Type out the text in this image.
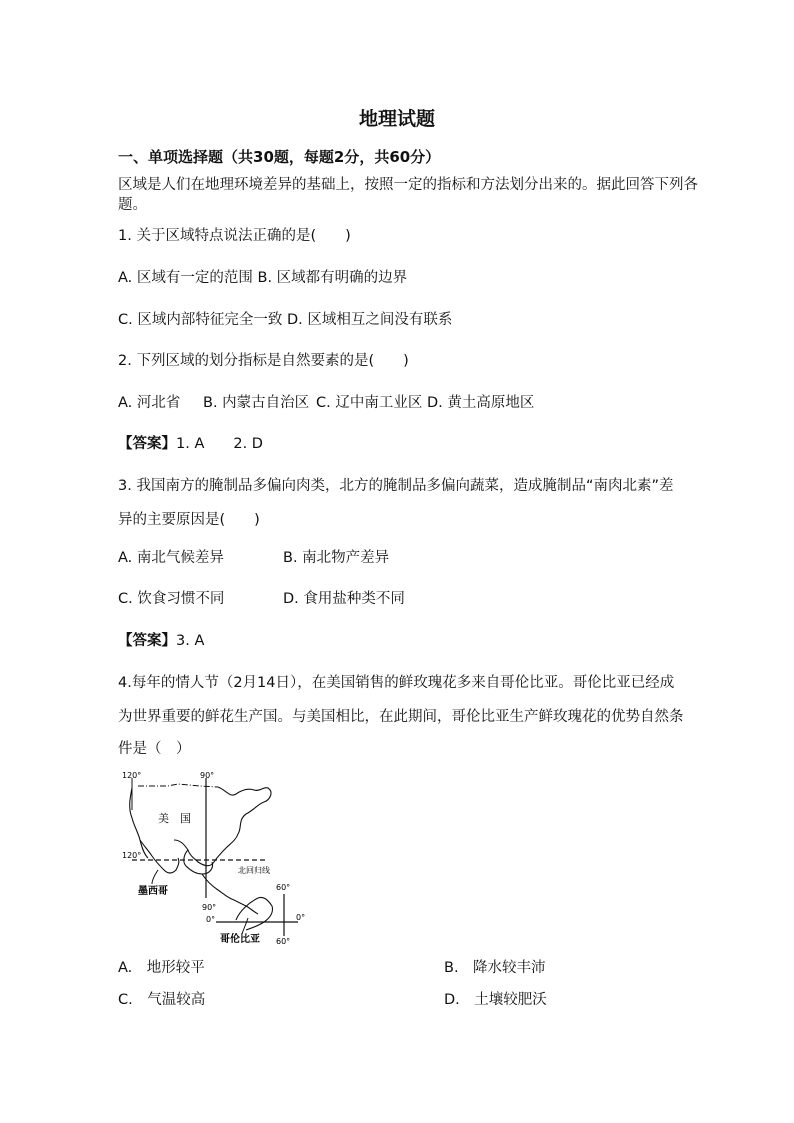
地理试题
一、单项选择题（共30题，每题2分，共60分）
区域是人们在地理环境差异的基础上，按照一定的指标和方法划分出来的。据此回答下列各
题。
1. 关于区域特点说法正确的是(　　)
A. 区域有一定的范围 B. 区域都有明确的边界
C. 区域内部特征完全一致 D. 区域相互之间没有联系
2. 下列区域的划分指标是自然要素的是(　　)
A. 河北省 B. 内蒙古自治区 C. 辽中南工业区 D. 黄土高原地区
【答案】1. A　　2. D
3. 我国南方的腌制品多偏向肉类，北方的腌制品多偏向蔬菜，造成腌制品“南肉北素”差
异的主要原因是(　　)
A. 南北气候差异	B. 南北物产差异
C. 饮食习惯不同	D. 食用盐种类不同
【答案】3. A
4.每年的情人节（2月14日），在美国销售的鲜玫瑰花多来自哥伦比亚。哥伦比亚已经成
为世界重要的鲜花生产国。与美国相比，在此期间，哥伦比亚生产鲜玫瑰花的优势自然条
件是（　）
120°	90°
美　国
120°
北回归线
墨西哥	60°
0°
90°
0°
哥伦比亚 60°
A.　地形较平	B.　降水较丰沛
C.　气温较高	D.　土壤较肥沃
